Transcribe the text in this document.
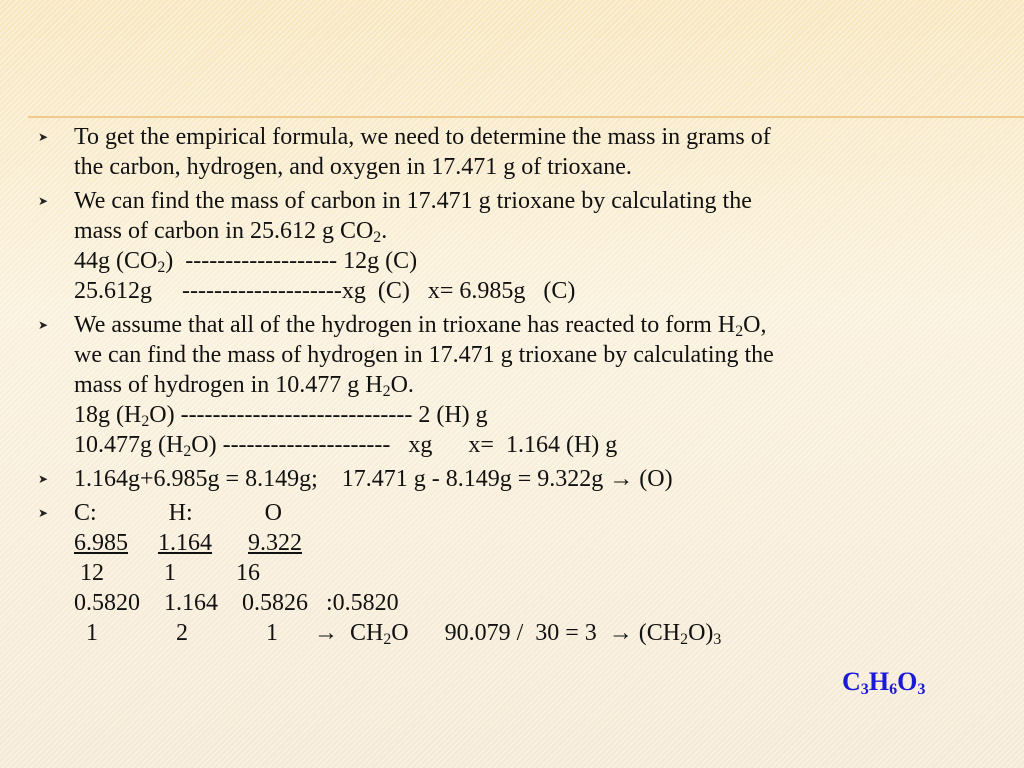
➤ To get the empirical formula, we need to determine the mass in grams of
the carbon, hydrogen, and oxygen in 17.471 g of trioxane.
➤ We can find the mass of carbon in 17.471 g trioxane by calculating the
mass of carbon in 25.612 g $CO_2$.
44g $(CO_2)$  ------------------- 12g (C)
25.612g     --------------------xg  (C)   x= 6.985g   (C)
➤ We assume that all of the hydrogen in trioxane has reacted to form $H_2O$,
we can find the mass of hydrogen in 17.471 g trioxane by calculating the
mass of hydrogen in 10.477 g $H_2O$.
18g $(H_2O)$ ----------------------------- 2 (H) g
10.477g $(H_2O)$ ---------------------   xg      x=  1.164 (H) g
➤ 1.164g+6.985g = 8.149g;    17.471 g - 8.149g = 9.322g → (O)
➤ C:            H:            O
6.985 1.164 9.322
12          1          16
0.5820    1.164    0.5826   :0.5820
1             2             1      →  $CH_2O$      $90.079 / 30 = 3 \to (CH_2O)_3$
$C_3H_6O_3$
